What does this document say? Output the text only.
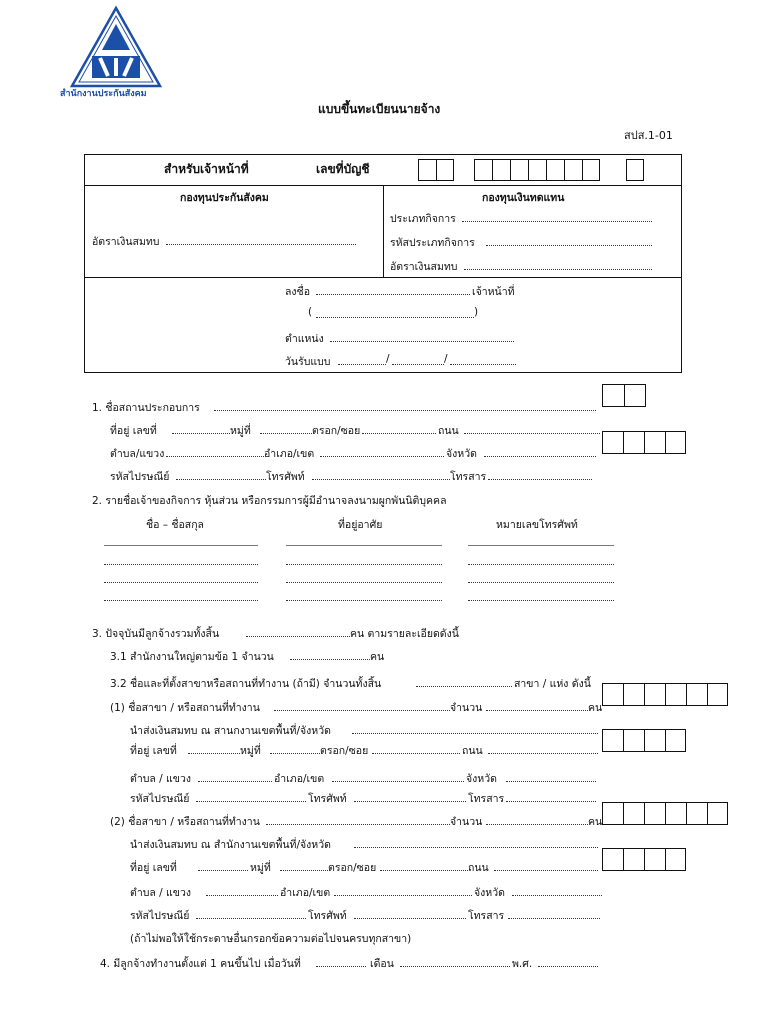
สำนักงานประกันสังคม
แบบขึ้นทะเบียนนายจ้าง
สปส.1-01
สำหรับเจ้าหน้าที่	เลขที่บัญชี
กองทุนประกันสังคม	กองทุนเงินทดแทน
อัตราเงินสมทบ
ประเภทกิจการ
รหัสประเภทกิจการ
อัตราเงินสมทบ
ลงชื่อ	เจ้าหน้าที่
(	)
ตำแหน่ง
วันรับแบบ	/	/
1. ชื่อสถานประกอบการ
ที่อยู่ เลขที่	หมู่ที่	ตรอก/ซอย	ถนน
ตำบล/แขวง	อำเภอ/เขต	จังหวัด
รหัสไปรษณีย์	โทรศัพท์	โทรสาร
2. รายชื่อเจ้าของกิจการ หุ้นส่วน หรือกรรมการผู้มีอำนาจลงนามผูกพันนิติบุคคล
ชื่อ – ชื่อสกุล	ที่อยู่อาศัย	หมายเลขโทรศัพท์
3. ปัจจุบันมีลูกจ้างรวมทั้งสิ้น	คน ตามรายละเอียดดังนี้
3.1 สำนักงานใหญ่ตามข้อ 1 จำนวน	คน
3.2 ชื่อและที่ตั้งสาขาหรือสถานที่ทำงาน (ถ้ามี) จำนวนทั้งสิ้น	สาขา / แห่ง ดังนี้
(1) ชื่อสาขา / หรือสถานที่ทำงาน	จำนวน	คน
นำส่งเงินสมทบ ณ สานกงานเขตพื้นที่/จังหวัด
ที่อยู่ เลขที่	หมู่ที่	ตรอก/ซอย	ถนน
ตำบล / แขวง	อำเภอ/เขต	จังหวัด
รหัสไปรษณีย์	โทรศัพท์	โทรสาร
(2) ชื่อสาขา / หรือสถานที่ทำงาน	จำนวน	คน
นำส่งเงินสมทบ ณ สำนักงานเขตพื้นที่/จังหวัด
ที่อยู่ เลขที่	หมู่ที่	ตรอก/ซอย	ถนน
ตำบล / แขวง	อำเภอ/เขต	จังหวัด
รหัสไปรษณีย์	โทรศัพท์	โทรสาร
(ถ้าไม่พอให้ใช้กระดาษอื่นกรอกข้อความต่อไปจนครบทุกสาขา)
4. มีลูกจ้างทำงานตั้งแต่ 1 คนขึ้นไป เมื่อวันที่	เดือน	พ.ศ.
